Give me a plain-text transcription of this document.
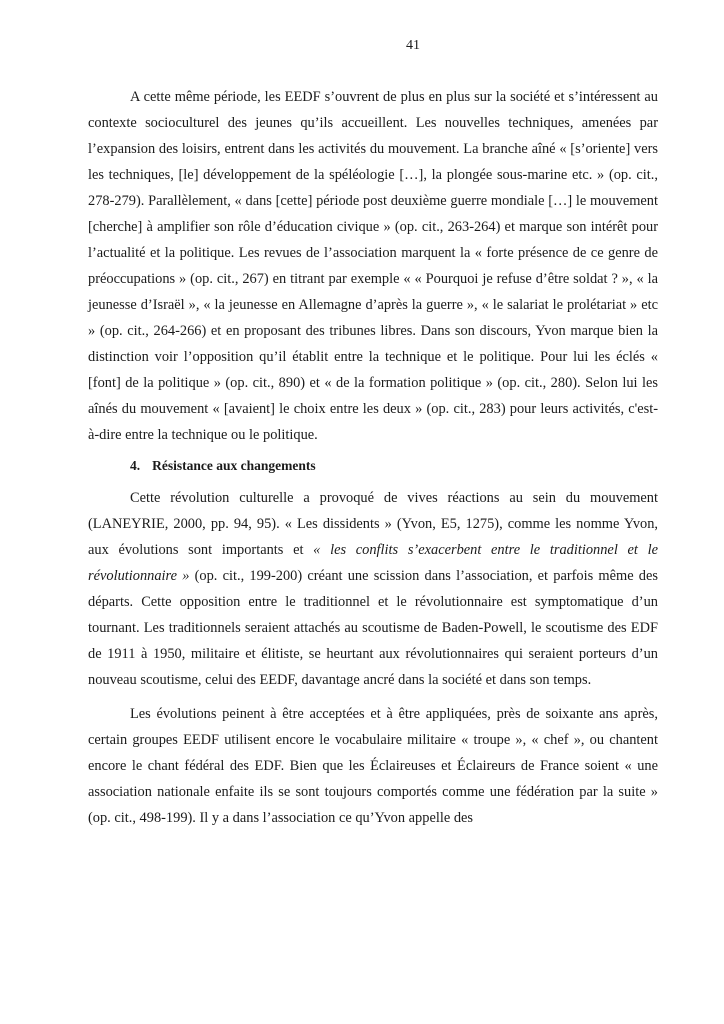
41

A cette même période, les EEDF s’ouvrent de plus en plus sur la société et s’intéressent au contexte socioculturel des jeunes qu’ils accueillent. Les nouvelles techniques, amenées par l’expansion des loisirs, entrent dans les activités du mouvement. La branche aîné « [s’oriente] vers les techniques, [le] développement de la spéléologie […], la plongée sous-marine etc. » (op. cit., 278-279). Parallèlement, « dans [cette] période post deuxième guerre mondiale […] le mouvement [cherche] à amplifier son rôle d’éducation civique » (op. cit., 263-264) et marque son intérêt pour l’actualité et la politique. Les revues de l’association marquent la « forte présence de ce genre de préoccupations » (op. cit., 267) en titrant par exemple « « Pourquoi je refuse d’être soldat ? », « la jeunesse d’Israël », « la jeunesse en Allemagne d’après la guerre », « le salariat le prolétariat » etc » (op. cit., 264-266) et en proposant des tribunes libres. Dans son discours, Yvon marque bien la distinction voir l’opposition qu’il établit entre la technique et le politique. Pour lui les éclés « [font] de la politique » (op. cit., 890) et « de la formation politique » (op. cit., 280). Selon lui les aînés du mouvement « [avaient] le choix entre les deux » (op. cit., 283) pour leurs activités, c'est-à-dire entre la technique ou le politique.

4. Résistance aux changements

Cette révolution culturelle a provoqué de vives réactions au sein du mouvement (LANEYRIE, 2000, pp. 94, 95). « Les dissidents » (Yvon, E5, 1275), comme les nomme Yvon, aux évolutions sont importants et « les conflits s’exacerbent entre le traditionnel et le révolutionnaire » (op. cit., 199-200) créant une scission dans l’association, et parfois même des départs. Cette opposition entre le traditionnel et le révolutionnaire est symptomatique d’un tournant. Les traditionnels seraient attachés au scoutisme de Baden-Powell, le scoutisme des EDF de 1911 à 1950, militaire et élitiste, se heurtant aux révolutionnaires qui seraient porteurs d’un nouveau scoutisme, celui des EEDF, davantage ancré dans la société et dans son temps.

Les évolutions peinent à être acceptées et à être appliquées, près de soixante ans après, certain groupes EEDF utilisent encore le vocabulaire militaire « troupe », « chef », ou chantent encore le chant fédéral des EDF. Bien que les Éclaireuses et Éclaireurs de France soient « une association nationale enfaite ils se sont toujours comportés comme une fédération par la suite » (op. cit., 498-199). Il y a dans l’association ce qu’Yvon appelle des
